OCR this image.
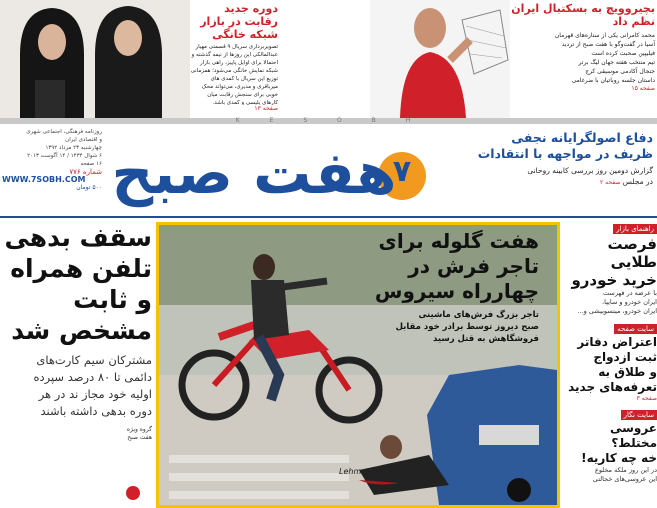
دوره جدید رقابت در بازار شبکه خانگی
تصویربرداری سریال ۹ قسمتی مهیار عبدالمالکی این روزها از نیمه گذشته و احتمالا برای اوایل پاییز، راهی بازار شبکه نمایش خانگی می‌شود؛ همزمانی توزیع این سریال با کمدی های میرباقری و مدیری، می‌تواند محک خوبی برای سنجش رقابت میان کارهای پلیسی و کمدی باشد.
صفحه ۱۳
بچیروویچ به بسکتبال ایران نظم داد
محمد کامرانی یکی از ستاره‌های قهرمان
آسیا در گفت‌وگو با هفت صبح از تردید
فیلیپین صحبت کرده است
تیم منتخب هفته جهان لیگ برتر
جنجال آکادمی موسیقی کرج
داستان جلسه روباتیان با ضرغامی
صفحه ۱۵
K E S O B H
روزنامه فرهنگی، اجتماعی شهری
و اقتصادی ایران
چهارشنبه ۲۳ مرداد ۱۳۹۲
۶ شوال ۱۴۳۴ / ۱۴ آگوست ۲۰۱۳
۱۶ صفحه
شماره ۷۷۶
WWW.7SOBH.COM
۵۰۰ تومان هفت صبح
۷
دفاع اصولگرایانه نجفی
ظریف در مواجهه با انتقادات
گزارش دومین روز بررسی کابینه روحانی
در مجلس صفحه ۲
سقف بدهی
تلفن همراه
و ثابت
مشخص شد
مشترکان سیم کارت‌های
دائمی تا ۸۰ درصد سپرده
اولیه خود مجاز ند در هر
دوره بدهی داشته باشند
گروه ویژه
هفت صبح
هفت گلوله برای
تاجر فرش در
چهارراه سیروس
تاجر بزرگ فرش‌های ماشینی
صبح دیروز توسط برادر خود مقابل
فروشگاهش به قتل رسید
Lehmoli
راهنمای بازار
فرصت
طلایی
خرید خودرو
با عرضه در فهرست
ایران خودرو و سایپا،
ایران خودرو، میتسوبیشی و...
سایت صفحه
اعتراض دفاتر
ثبت ازدواج
و طلاق به
تعرفه‌های جدید
صفحه ۳
سایت نگار
عروسی مختلط؟
خه چه کاریه!
در این روز ملکه مخلوع
این عروسی‌های خجالتی
